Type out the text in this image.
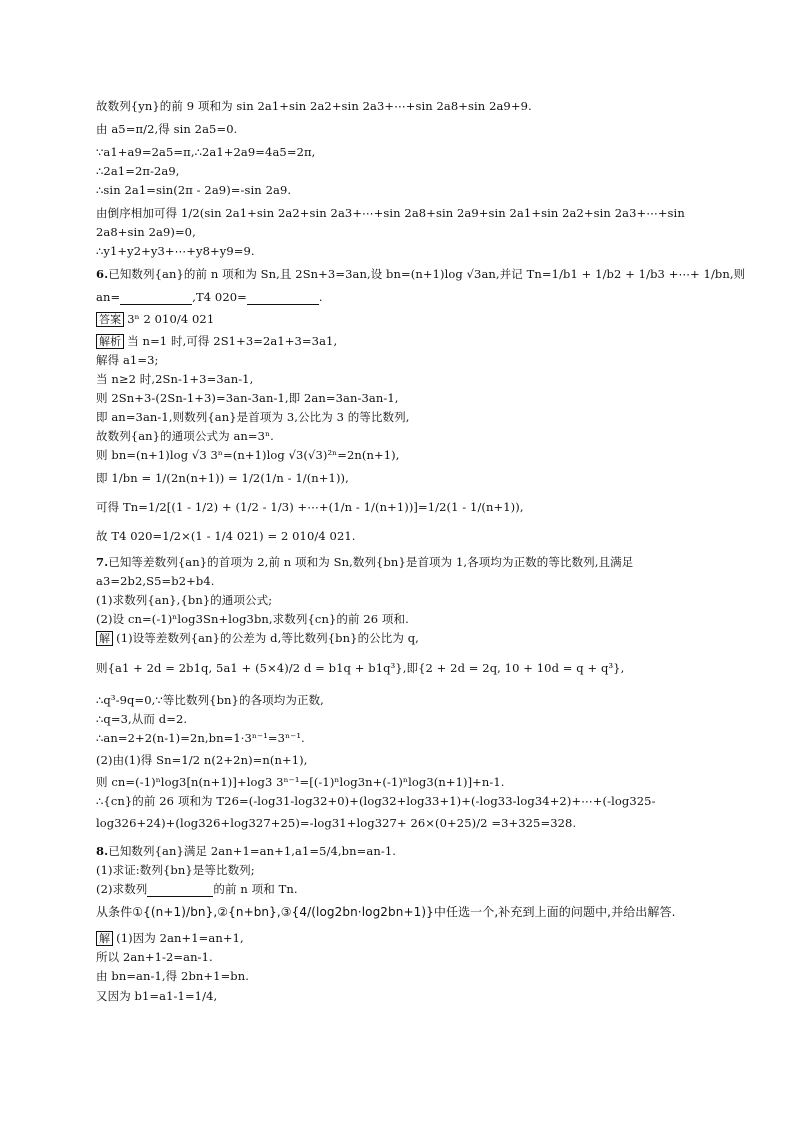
故数列{yn}的前 9 项和为 sin 2a1+sin 2a2+sin 2a3+⋯+sin 2a8+sin 2a9+9.
由 a5=π/2,得 sin 2a5=0.
∵a1+a9=2a5=π,∴2a1+2a9=4a5=2π,
∴2a1=2π-2a9,
∴sin 2a1=sin(2π - 2a9)=-sin 2a9.
由倒序相加可得 1/2(sin 2a1+sin 2a2+sin 2a3+⋯+sin 2a8+sin 2a9+sin 2a1+sin 2a2+sin 2a3+⋯+sin
2a8+sin 2a9)=0,
∴y1+y2+y3+⋯+y8+y9=9.
6.已知数列{an}的前 n 项和为 Sn,且 2Sn+3=3an,设 bn=(n+1)log √3an,并记 Tn=1/b1 + 1/b2 + 1/b3 +⋯+ 1/bn,则
an=	,T4 020=	.
答案 3ⁿ 2 010/4 021
解析 当 n=1 时,可得 2S1+3=2a1+3=3a1,
解得 a1=3;
当 n≥2 时,2Sn-1+3=3an-1,
则 2Sn+3-(2Sn-1+3)=3an-3an-1,即 2an=3an-3an-1,
即 an=3an-1,则数列{an}是首项为 3,公比为 3 的等比数列,
故数列{an}的通项公式为 an=3ⁿ.
则 bn=(n+1)log √3 3ⁿ=(n+1)log √3(√3)²ⁿ=2n(n+1),
即 1/bn = 1/(2n(n+1)) = 1/2(1/n - 1/(n+1)),
可得 Tn=1/2[(1 - 1/2) + (1/2 - 1/3) +⋯+(1/n - 1/(n+1))]=1/2(1 - 1/(n+1)),
故 T4 020=1/2×(1 - 1/4 021) = 2 010/4 021.
7.已知等差数列{an}的首项为 2,前 n 项和为 Sn,数列{bn}是首项为 1,各项均为正数的等比数列,且满足
a3=2b2,S5=b2+b4.
(1)求数列{an},{bn}的通项公式;
(2)设 cn=(-1)ⁿlog3Sn+log3bn,求数列{cn}的前 26 项和.
解 (1)设等差数列{an}的公差为 d,等比数列{bn}的公比为 q,
则{a1 + 2d = 2b1q, 5a1 + (5×4)/2 d = b1q + b1q³},即{2 + 2d = 2q, 10 + 10d = q + q³},
∴q³-9q=0,∵等比数列{bn}的各项均为正数,
∴q=3,从而 d=2.
∴an=2+2(n-1)=2n,bn=1·3ⁿ⁻¹=3ⁿ⁻¹.
(2)由(1)得 Sn=1/2 n(2+2n)=n(n+1),
则 cn=(-1)ⁿlog3[n(n+1)]+log3 3ⁿ⁻¹=[(-1)ⁿlog3n+(-1)ⁿlog3(n+1)]+n-1.
∴{cn}的前 26 项和为 T26=(-log31-log32+0)+(log32+log33+1)+(-log33-log34+2)+⋯+(-log325-
log326+24)+(log326+log327+25)=-log31+log327+ 26×(0+25)/2 =3+325=328.
8.已知数列{an}满足 2an+1=an+1,a1=5/4,bn=an-1.
(1)求证:数列{bn}是等比数列;
(2)求数列	的前 n 项和 Tn.
从条件①{(n+1)/bn},②{n+bn},③{4/(log2bn·log2bn+1)}中任选一个,补充到上面的问题中,并给出解答.
解 (1)因为 2an+1=an+1,
所以 2an+1-2=an-1.
由 bn=an-1,得 2bn+1=bn.
又因为 b1=a1-1=1/4,
